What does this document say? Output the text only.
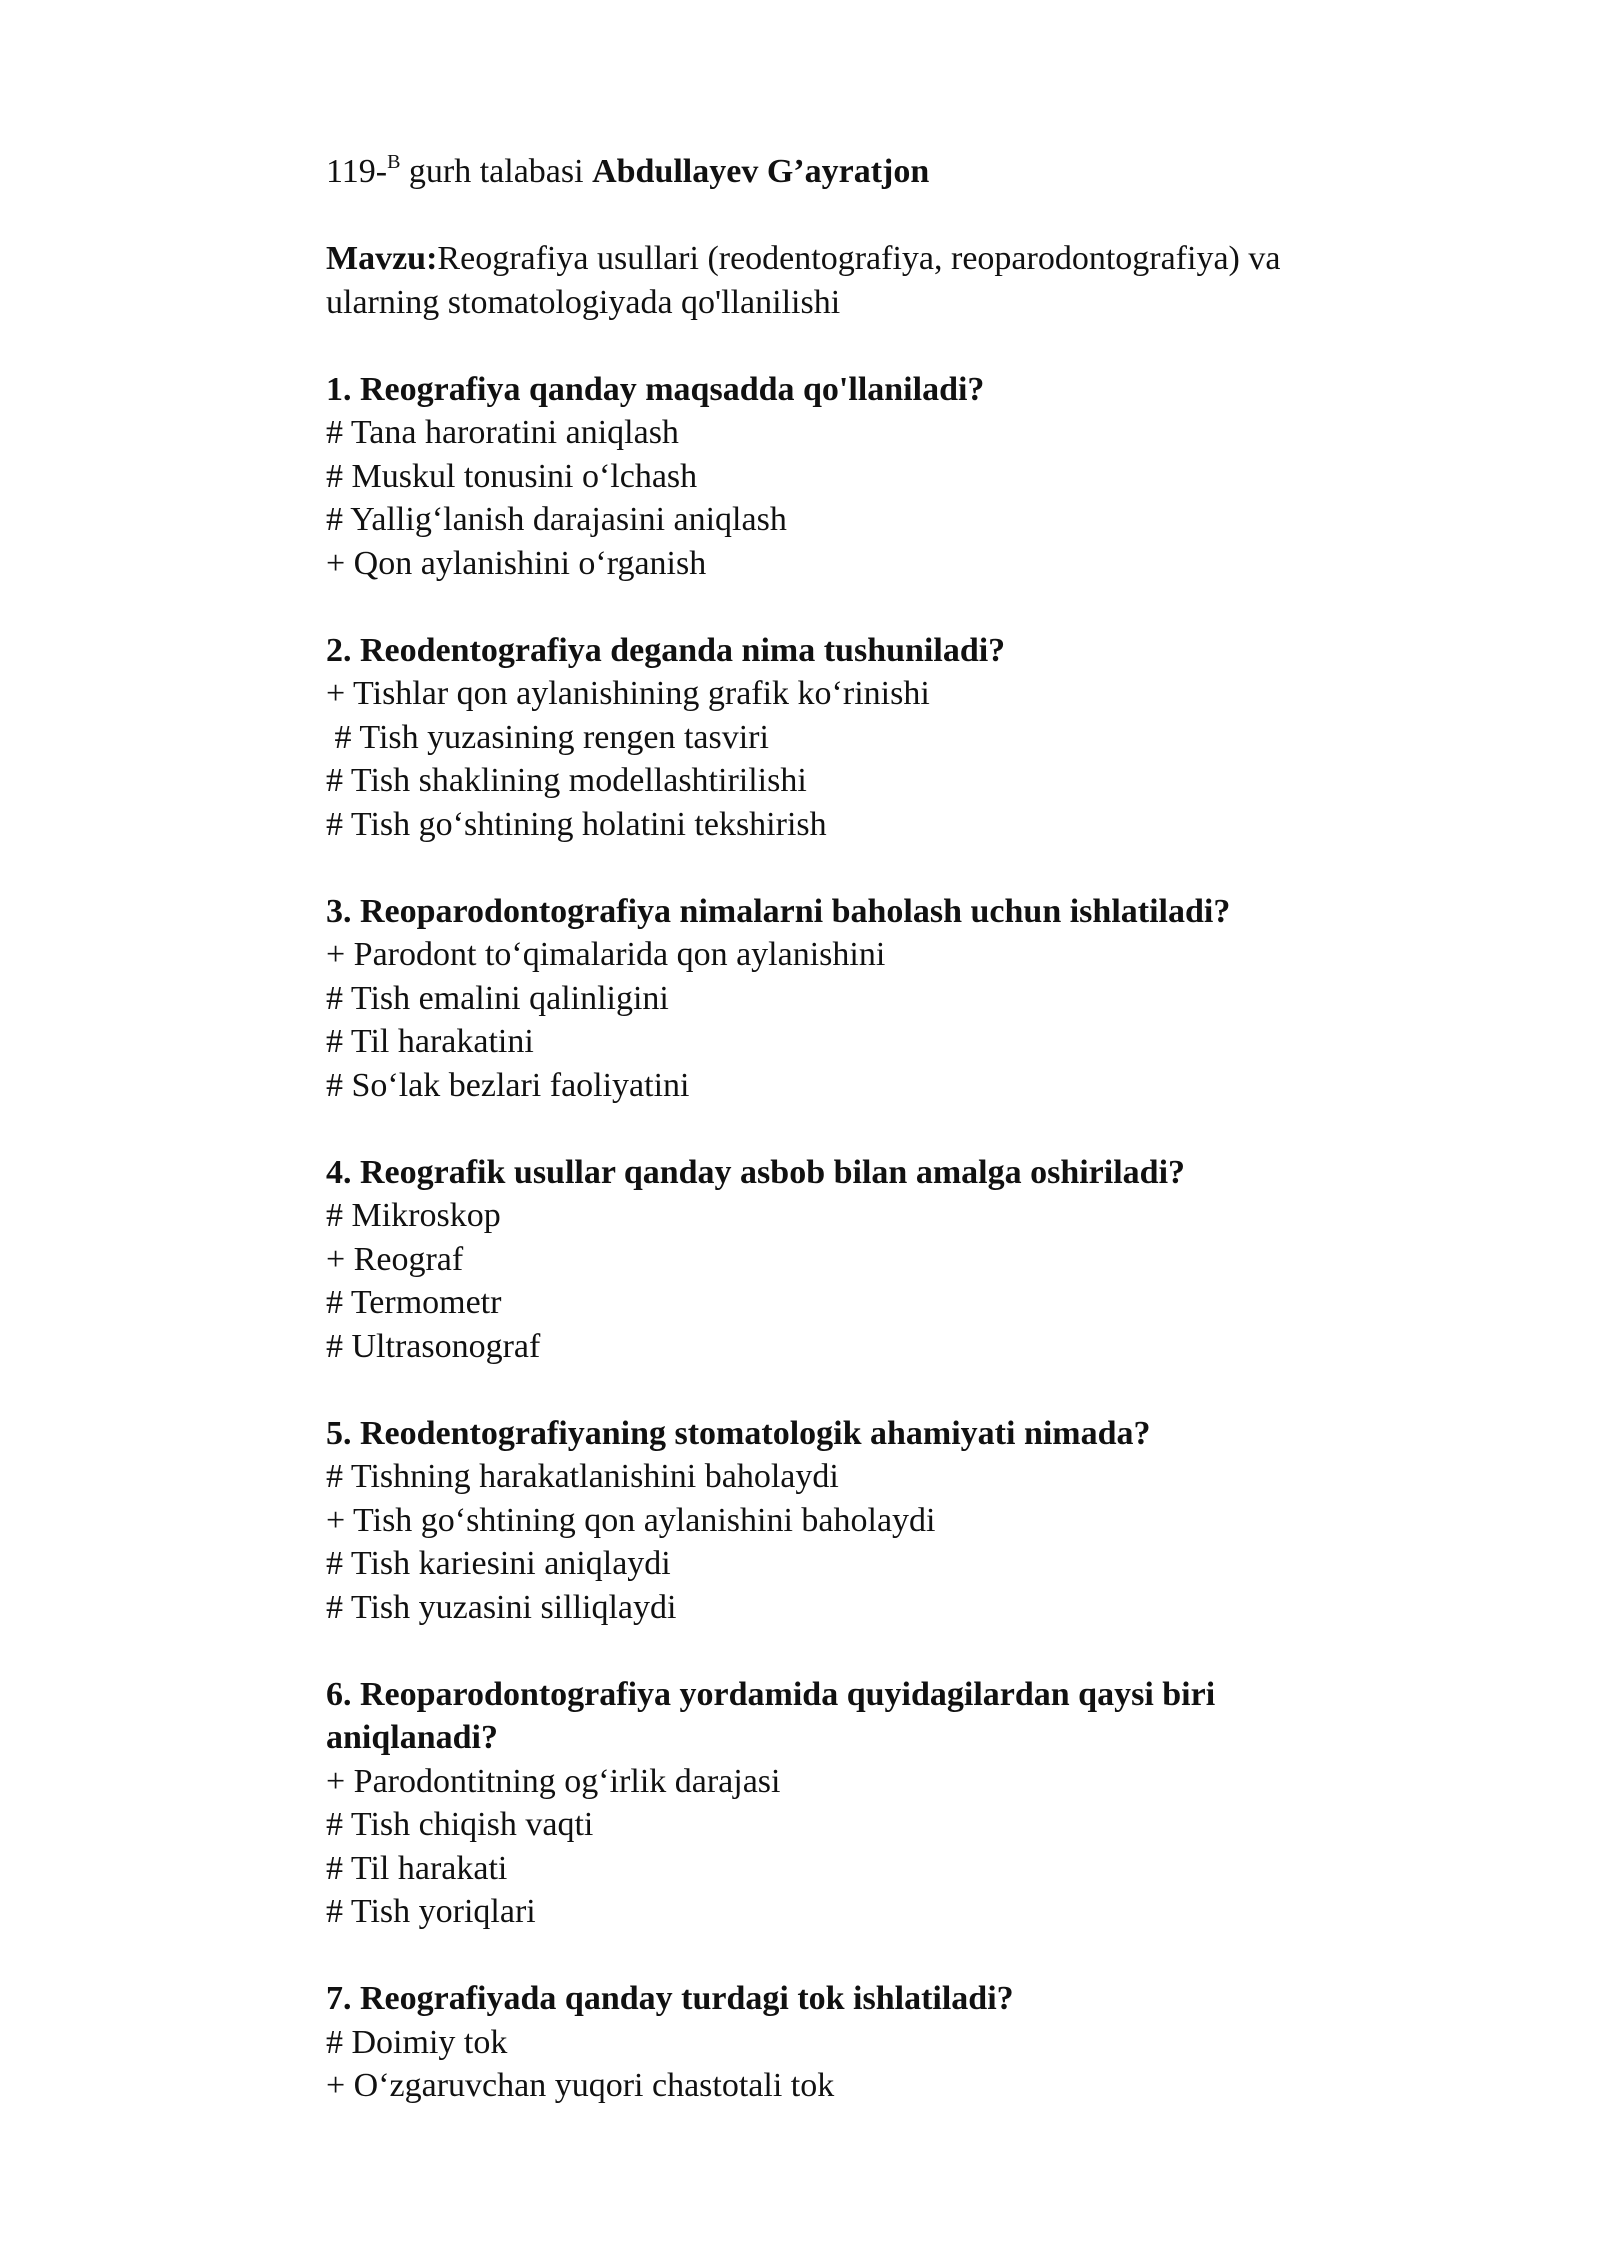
119-$^B$ gurh talabasi Abdullayev G’ayratjon
Mavzu:Reografiya usullari (reodentografiya, reoparodontografiya) va ularning stomatologiyada qo'llanilishi
1. Reografiya qanday maqsadda qo'llaniladi?
# Tana haroratini aniqlash
# Muskul tonusini o‘lchash
# Yallig‘lanish darajasini aniqlash
+ Qon aylanishini o‘rganish
2. Reodentografiya deganda nima tushuniladi?
+ Tishlar qon aylanishining grafik ko‘rinishi
# Tish yuzasining rengen tasviri
# Tish shaklining modellashtirilishi
# Tish go‘shtining holatini tekshirish
3. Reoparodontografiya nimalarni baholash uchun ishlatiladi?
+ Parodont to‘qimalarida qon aylanishini
# Tish emalini qalinligini
# Til harakatini
# So‘lak bezlari faoliyatini
4. Reografik usullar qanday asbob bilan amalga oshiriladi?
# Mikroskop
+ Reograf
# Termometr
# Ultrasonograf
5. Reodentografiyaning stomatologik ahamiyati nimada?
# Tishning harakatlanishini baholaydi
+ Tish go‘shtining qon aylanishini baholaydi
# Tish kariesini aniqlaydi
# Tish yuzasini silliqlaydi
6. Reoparodontografiya yordamida quyidagilardan qaysi biri aniqlanadi?
+ Parodontitning og‘irlik darajasi
# Tish chiqish vaqti
# Til harakati
# Tish yoriqlari
7. Reografiyada qanday turdagi tok ishlatiladi?
# Doimiy tok
+ O‘zgaruvchan yuqori chastotali tok
